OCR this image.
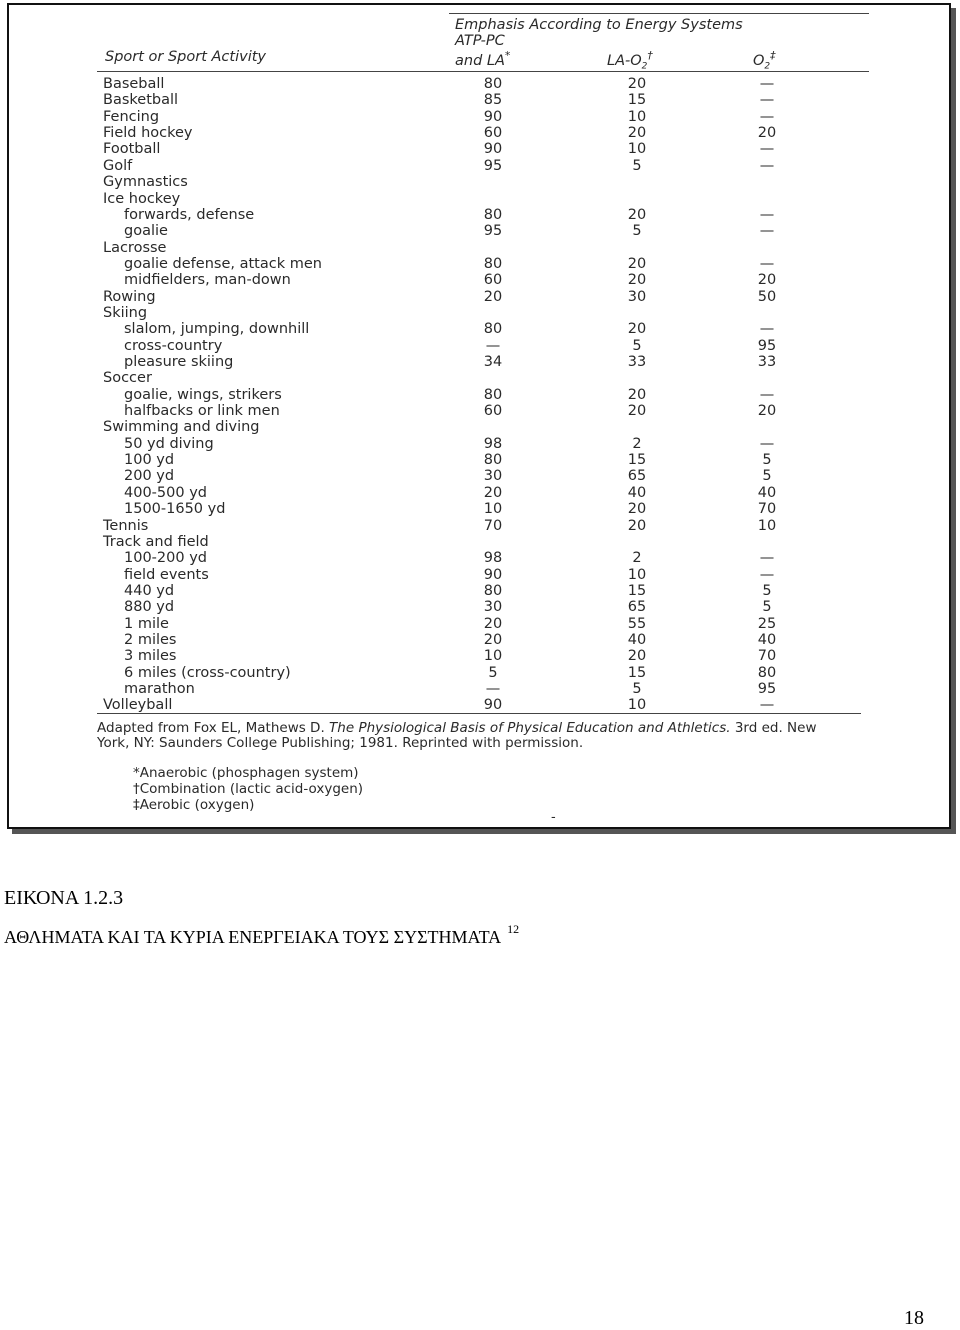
Emphasis According to Energy Systems
ATP-PC
Sport or Sport Activity	and LA*	$LA-O_2^\dagger$	$O_2^\ddagger$
Baseball	80	20	—
Basketball	85	15	—
Fencing	90	10	—
Field hockey	60	20	20
Football	90	10	—
Golf	95	5	—
Gymnastics
Ice hockey
forwards, defense	80	20	—
goalie	95	5	—
Lacrosse
goalie defense, attack men	80	20	—
midfielders, man-down	60	20	20
Rowing	20	30	50
Skiing
slalom, jumping, downhill	80	20	—
cross-country	—	5	95
pleasure skiing	34	33	33
Soccer
goalie, wings, strikers	80	20	—
halfbacks or link men	60	20	20
Swimming and diving
50 yd diving	98	2	—
100 yd	80	15	5
200 yd	30	65	5
400-500 yd	20	40	40
1500-1650 yd	10	20	70
Tennis	70	20	10
Track and field
100-200 yd	98	2	—
field events	90	10	—
440 yd	80	15	5
880 yd	30	65	5
1 mile	20	55	25
2 miles	20	40	40
3 miles	10	20	70
6 miles (cross-country)	5	15	80
marathon	—	5	95
Volleyball	90	10	—
Adapted from Fox EL, Mathews D. The Physiological Basis of Physical Education and Athletics. 3rd ed. New York, NY: Saunders College Publishing; 1981. Reprinted with permission.
*Anaerobic (phosphagen system)
†Combination (lactic acid-oxygen)
‡Aerobic (oxygen)
-
ΕΙΚΟΝΑ 1.2.3
ΑΘΛΗΜΑΤΑ ΚΑΙ ΤΑ ΚΥΡΙΑ ΕΝΕΡΓΕΙΑΚΑ ΤΟΥΣ ΣΥΣΤΗΜΑΤΑ $^{12}$
18
